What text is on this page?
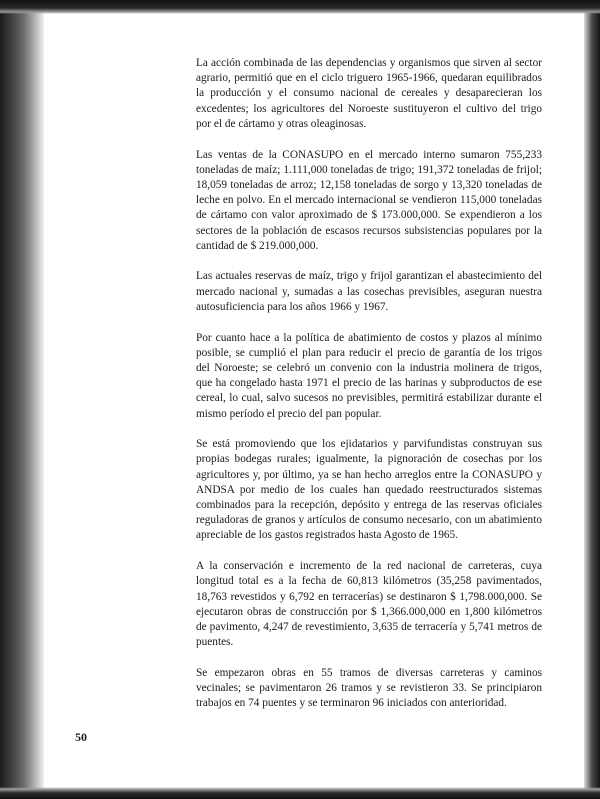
La acción combinada de las dependencias y organismos que sirven al sector agrario, permitió que en el ciclo triguero 1965-1966, quedaran equilibrados la producción y el consumo nacional de cereales y desaparecieran los excedentes; los agricultores del Noroeste sustituyeron el cultivo del trigo por el de cártamo y otras oleaginosas.

Las ventas de la CONASUPO en el mercado interno sumaron 755,233 toneladas de maíz; 1.111,000 toneladas de trigo; 191,372 toneladas de frijol; 18,059 toneladas de arroz; 12,158 toneladas de sorgo y 13,320 toneladas de leche en polvo. En el mercado internacional se vendieron 115,000 toneladas de cártamo con valor aproximado de $ 173.000,000. Se expendieron a los sectores de la población de escasos recursos subsistencias populares por la cantidad de $ 219.000,000.

Las actuales reservas de maíz, trigo y frijol garantizan el abastecimiento del mercado nacional y, sumadas a las cosechas previsibles, aseguran nuestra autosuficiencia para los años 1966 y 1967.

Por cuanto hace a la política de abatimiento de costos y plazos al mínimo posible, se cumplió el plan para reducir el precio de garantía de los trigos del Noroeste; se celebró un convenio con la industria molinera de trigos, que ha congelado hasta 1971 el precio de las harinas y subproductos de ese cereal, lo cual, salvo sucesos no previsibles, permitirá estabilizar durante el mismo período el precio del pan popular.

Se está promoviendo que los ejidatarios y parvifundistas construyan sus propias bodegas rurales; igualmente, la pignoración de cosechas por los agricultores y, por último, ya se han hecho arreglos entre la CONASUPO y ANDSA por medio de los cuales han quedado reestructurados sistemas combinados para la recepción, depósito y entrega de las reservas oficiales reguladoras de granos y artículos de consumo necesario, con un abatimiento apreciable de los gastos registrados hasta Agosto de 1965.

A la conservación e incremento de la red nacional de carreteras, cuya longitud total es a la fecha de 60,813 kilómetros (35,258 pavimentados, 18,763 revestidos y 6,792 en terracerías) se destinaron $ 1,798.000,000. Se ejecutaron obras de construcción por $ 1,366.000,000 en 1,800 kilómetros de pavimento, 4,247 de revestimiento, 3,635 de terracería y 5,741 metros de puentes.

Se empezaron obras en 55 tramos de diversas carreteras y caminos vecinales; se pavimentaron 26 tramos y se revistieron 33. Se principiaron trabajos en 74 puentes y se terminaron 96 iniciados con anterioridad.

50
